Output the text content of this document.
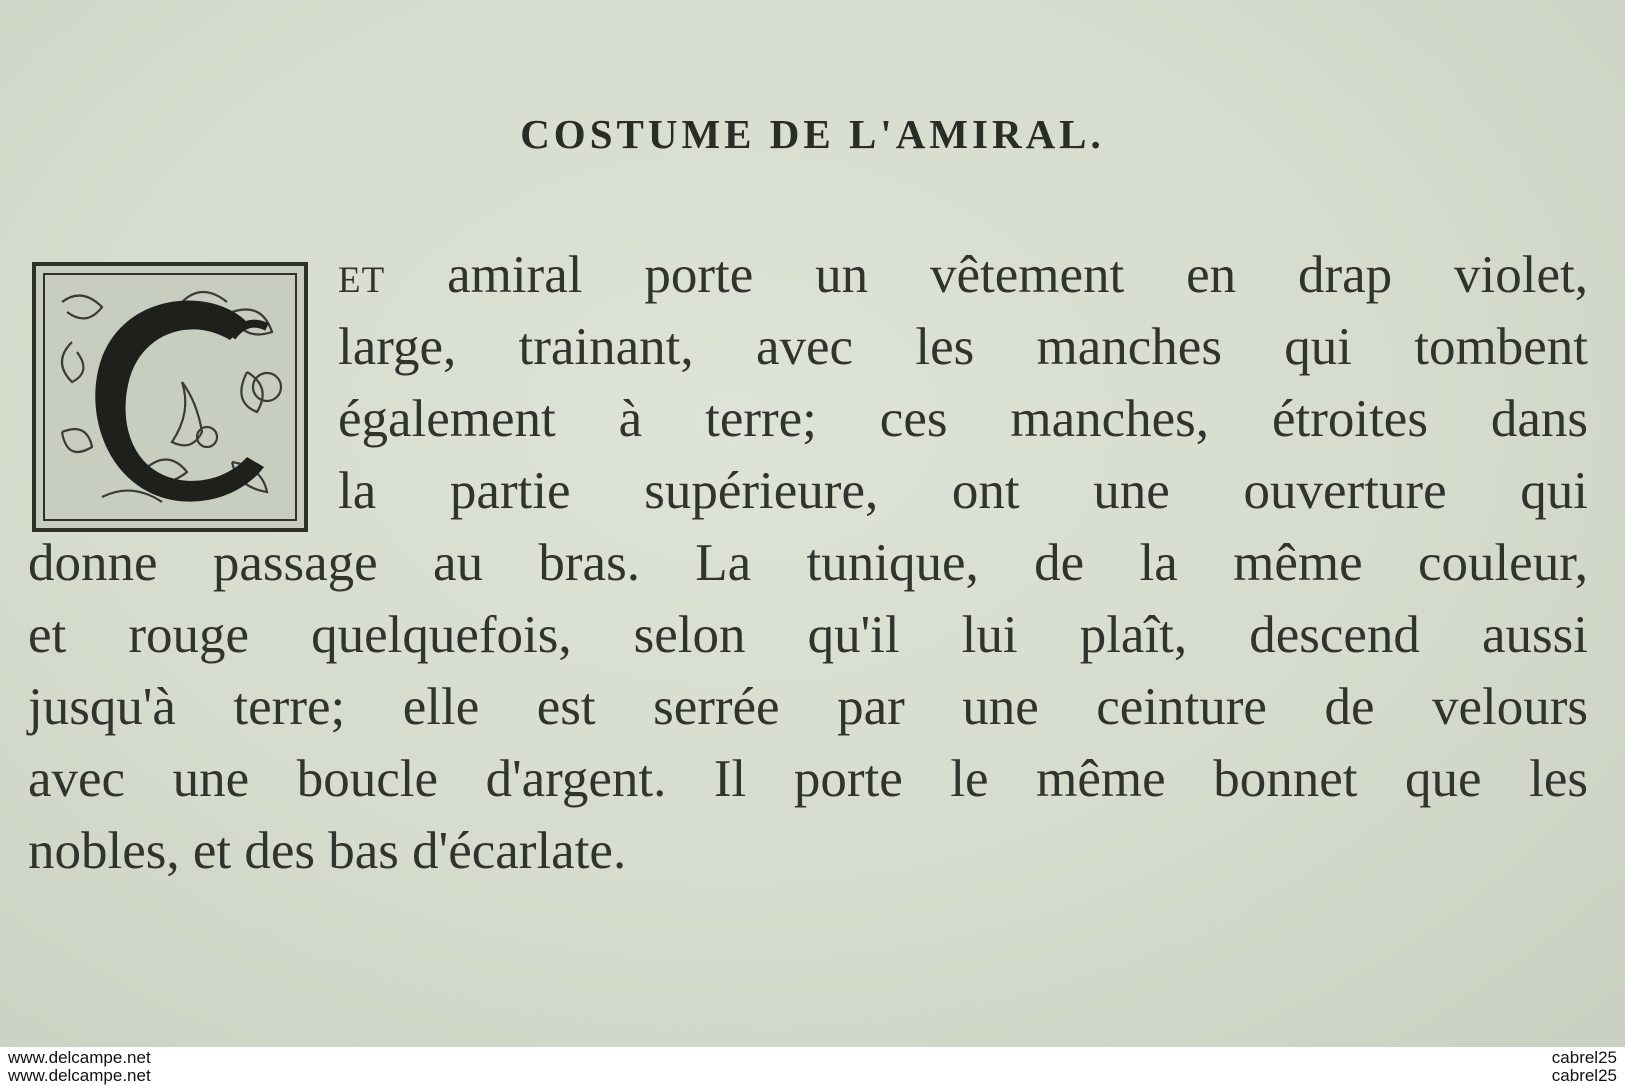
COSTUME DE L'AMIRAL.

et amiral porte un vêtement en drap violet,

large, trainant, avec les manches qui tombent

également à terre; ces manches, étroites dans

la partie supérieure, ont une ouverture qui

donne passage au bras. La tunique, de la même couleur,

et rouge quelquefois, selon qu'il lui plaît, descend aussi

jusqu'à terre; elle est serrée par une ceinture de velours

avec une boucle d'argent. Il porte le même bonnet que les

nobles, et des bas d'écarlate.

www.delcampe.net
www.delcampe.net
cabrel25
cabrel25
